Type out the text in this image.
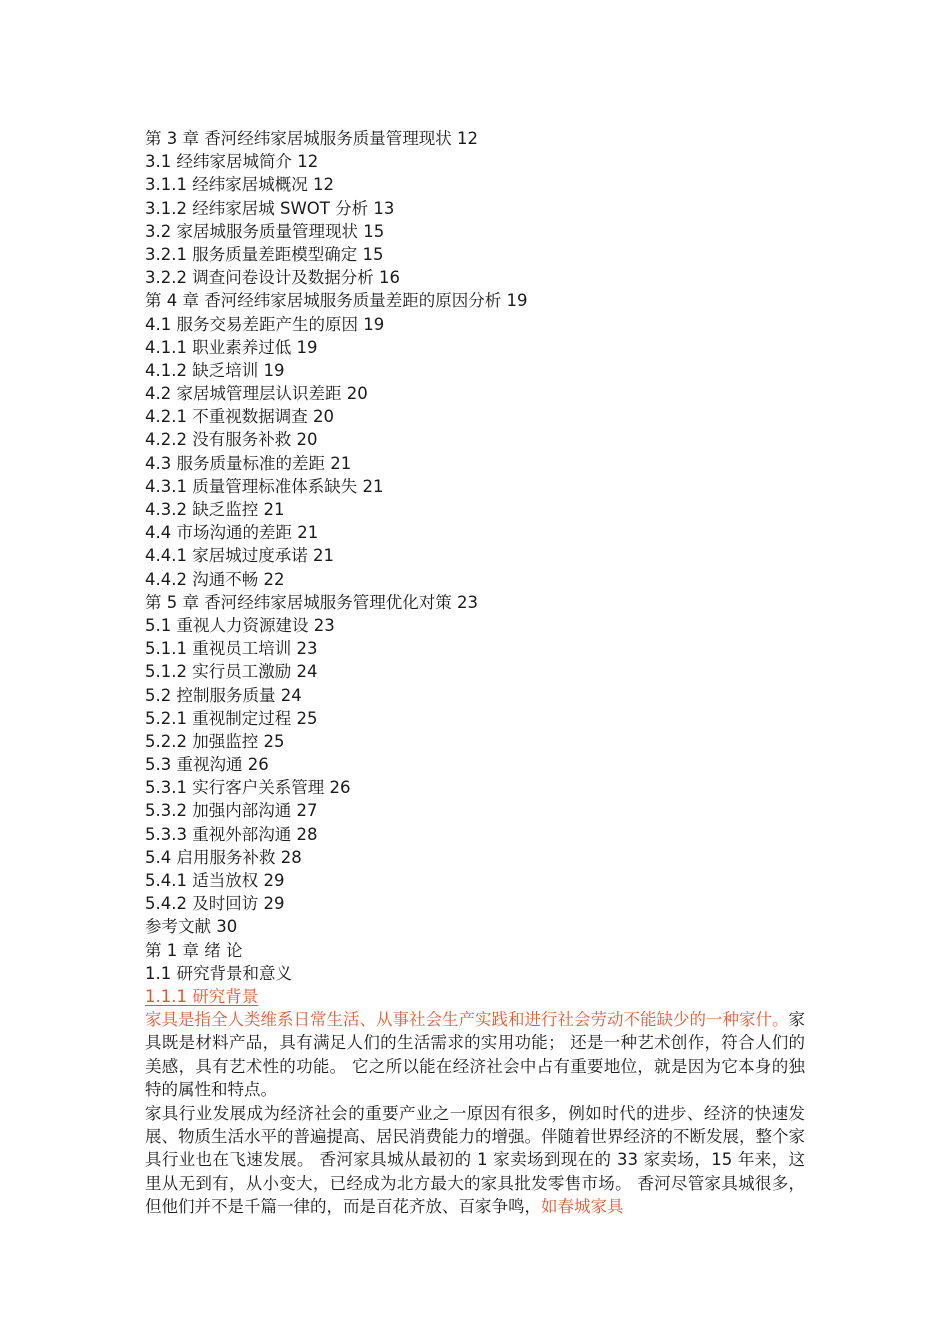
第 3 章 香河经纬家居城服务质量管理现状 12
3.1 经纬家居城简介 12
3.1.1 经纬家居城概况 12
3.1.2 经纬家居城 SWOT 分析 13
3.2 家居城服务质量管理现状 15
3.2.1 服务质量差距模型确定 15
3.2.2 调查问卷设计及数据分析 16
第 4 章 香河经纬家居城服务质量差距的原因分析 19
4.1 服务交易差距产生的原因 19
4.1.1 职业素养过低 19
4.1.2 缺乏培训 19
4.2 家居城管理层认识差距 20
4.2.1 不重视数据调查 20
4.2.2 没有服务补救 20
4.3 服务质量标准的差距 21
4.3.1 质量管理标准体系缺失 21
4.3.2 缺乏监控 21
4.4 市场沟通的差距 21
4.4.1 家居城过度承诺 21
4.4.2 沟通不畅 22
第 5 章 香河经纬家居城服务管理优化对策 23
5.1 重视人力资源建设 23
5.1.1 重视员工培训 23
5.1.2 实行员工激励 24
5.2 控制服务质量 24
5.2.1 重视制定过程 25
5.2.2 加强监控 25
5.3 重视沟通 26
5.3.1 实行客户关系管理 26
5.3.2 加强内部沟通 27
5.3.3 重视外部沟通 28
5.4 启用服务补救 28
5.4.1 适当放权 29
5.4.2 及时回访 29
参考文献 30
第 1 章 绪 论
1.1 研究背景和意义
1.1.1 研究背景

家具是指全人类维系日常生活、从事社会生产实践和进行社会劳动不能缺少的一种家什。家具既是材料产品，具有满足人们的生活需求的实用功能； 还是一种艺术创作，符合人们的美感，具有艺术性的功能。 它之所以能在经济社会中占有重要地位，就是因为它本身的独特的属性和特点。

家具行业发展成为经济社会的重要产业之一原因有很多，例如时代的进步、经济的快速发展、物质生活水平的普遍提高、居民消费能力的增强。伴随着世界经济的不断发展，整个家具行业也在飞速发展。 香河家具城从最初的 1 家卖场到现在的 33 家卖场，15 年来，这里从无到有，从小变大，已经成为北方最大的家具批发零售市场。 香河尽管家具城很多，但他们并不是千篇一律的，而是百花齐放、百家争鸣，如春城家具
